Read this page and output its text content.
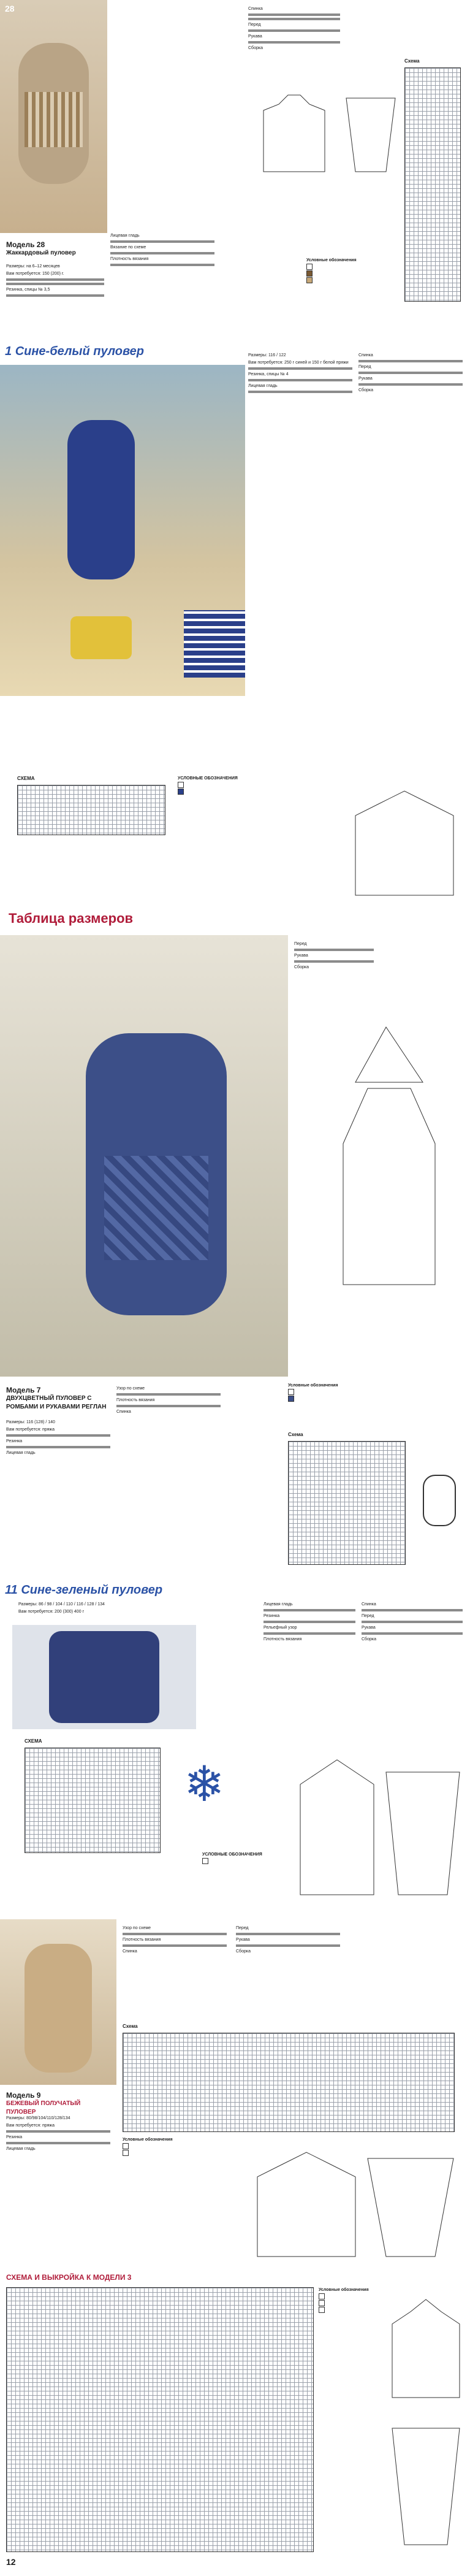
28
Модель 28
Жаккардовый пуловер

Размеры: на 6–12 месяцев

Вам потребуется: 150 (200) г.

Резинка, спицы № 3,5

Лицевая гладь

Вязание по схеме

Плотность вязания

Спинка

Перед

Рукава

Сборка

Схема
Условные обозначения
1 Сине-белый пуловер	Размеры: 116 / 122

Вам потребуется: 250 г синей и 150 г белой пряжи

Резинка, спицы № 4

Лицевая гладь

Спинка

Перед

Рукава

Сборка

СХЕМА	УСЛОВНЫЕ ОБОЗНАЧЕНИЯ
Таблица размеров
Модель 7
ДВУХЦВЕТНЫЙ ПУЛОВЕР С РОМБАМИ И РУКАВАМИ РЕГЛАН

Размеры: 116 (128) / 140

Вам потребуется: пряжа

Резинка

Лицевая гладь

Узор по схеме

Плотность вязания

Спинка

Перед

Рукава

Сборка

Условные обозначения
Схема
11 Сине-зеленый пуловер

Размеры: 86 / 98 / 104 / 110 / 116 / 128 / 134

Вам потребуется: 200 (300) 400 г

Лицевая гладь

Резинка

Рельефный узор

Плотность вязания

Спинка

Перед

Рукава

Сборка

СХЕМА
❄
УСЛОВНЫЕ ОБОЗНАЧЕНИЯ
Модель 9
БЕЖЕВЫЙ ПОЛУЧАТЫЙ ПУЛОВЕР

Размеры: 80/98/104/110/128/134

Вам потребуется: пряжа

Резинка

Лицевая гладь

Узор по схеме

Плотность вязания

Спинка

Перед

Рукава

Сборка

Схема
Условные обозначения
СХЕМА И ВЫКРОЙКА К МОДЕЛИ 3
Условные обозначения
12
